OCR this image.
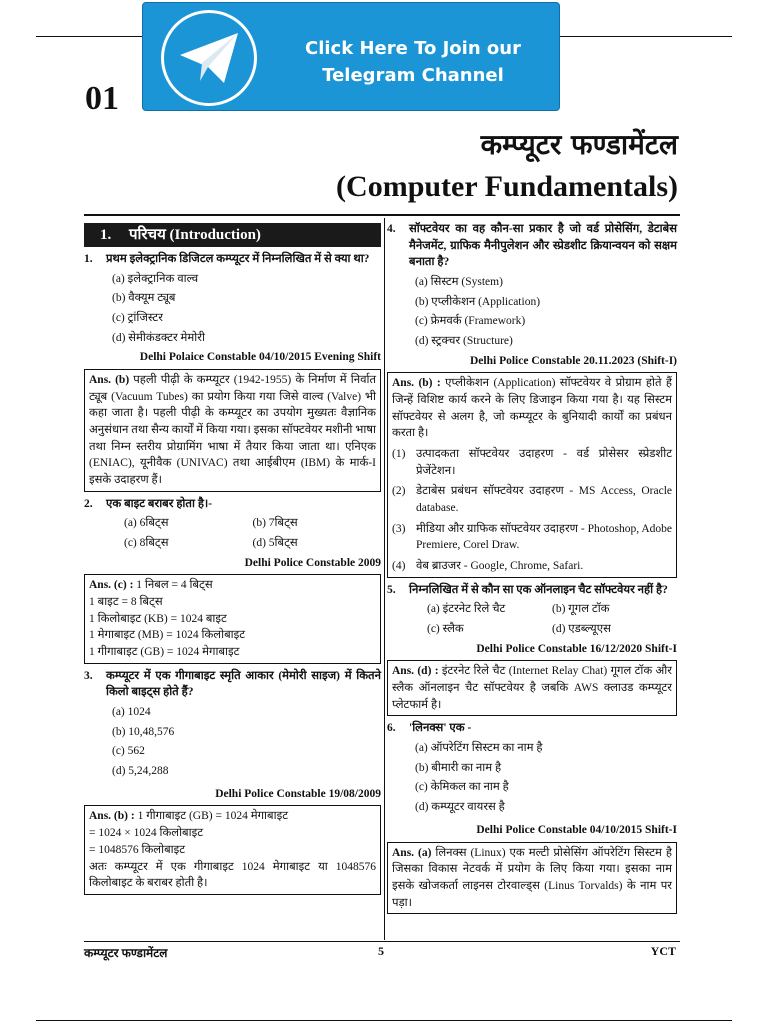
Click Here To Join our
Telegram Channel
01
कम्प्यूटर फण्डामेंटल
(Computer Fundamentals)
1. परिचय (Introduction)
1.	प्रथम इलेक्ट्रानिक डिजिटल कम्प्यूटर में निम्नलिखित में से क्या था?
(a) इलेक्ट्रानिक वाल्व
(b) वैक्यूम ट्यूब
(c) ट्रांजिस्टर
(d) सेमीकंडक्टर मेमोरी
Delhi Polaice Constable 04/10/2015 Evening Shift
Ans. (b) पहली पीढ़ी के कम्प्यूटर (1942-1955) के निर्माण में निर्वात ट्यूब (Vacuum Tubes) का प्रयोग किया गया जिसे वाल्व (Valve) भी कहा जाता है। पहली पीढ़ी के कम्प्यूटर का उपयोग मुख्यतः वैज्ञानिक अनुसंधान तथा सैन्य कार्यों में किया गया। इसका सॉफ्टवेयर मशीनी भाषा तथा निम्न स्तरीय प्रोग्रामिंग भाषा में तैयार किया जाता था। एनिएक (ENIAC), यूनीवैक (UNIVAC) तथा आईबीएम (IBM) के मार्क-I इसके उदाहरण हैं।
2.	एक बाइट बराबर होता है।-
(a) 6बिट्स	(b) 7बिट्स
(c) 8बिट्स	(d) 5बिट्स
Delhi Police Constable 2009
Ans. (c) : 1 निबल = 4 बिट्स
1 बाइट = 8 बिट्स
1 किलोबाइट (KB) = 1024 बाइट
1 मेगाबाइट (MB) = 1024 किलोबाइट
1 गीगाबाइट (GB) = 1024 मेगाबाइट
3.	कम्प्यूटर में एक गीगाबाइट स्मृति आकार (मेमोरी साइज) में कितने किलो बाइट्स होते हैं?
(a) 1024
(b) 10,48,576
(c) 562
(d) 5,24,288
Delhi Police Constable 19/08/2009
Ans. (b) : 1 गीगाबाइट (GB) = 1024 मेगाबाइट
= 1024 × 1024 किलोबाइट
= 1048576 किलोबाइट
अतः कम्प्यूटर में एक गीगाबाइट 1024 मेगाबाइट या 1048576 किलोबाइट के बराबर होती है।
4.	सॉफ्टवेयर का वह कौन-सा प्रकार है जो वर्ड प्रोसेसिंग, डेटाबेस मैनेजमेंट, ग्राफिक मैनीपुलेशन और स्प्रेडशीट क्रियान्वयन को सक्षम बनाता है?
(a) सिस्टम (System)
(b) एप्लीकेशन (Application)
(c) फ्रेमवर्क (Framework)
(d) स्ट्रक्चर (Structure)
Delhi Police Constable 20.11.2023 (Shift-I)
Ans. (b) : एप्लीकेशन (Application) सॉफ्टवेयर वे प्रोग्राम होते हैं जिन्हें विशिष्ट कार्य करने के लिए डिजाइन किया गया है। यह सिस्टम सॉफ्टवेयर से अलग है, जो कम्प्यूटर के बुनियादी कार्यों का प्रबंधन करता है।
(1) उत्पादकता सॉफ्टवेयर उदाहरण - वर्ड प्रोसेसर स्प्रेडशीट प्रेजेंटेशन।
(2) डेटाबेस प्रबंधन सॉफ्टवेयर उदाहरण - MS Access, Oracle database.
(3) मीडिया और ग्राफिक सॉफ्टवेयर उदाहरण - Photoshop, Adobe Premiere, Corel Draw.
(4) वेब ब्राउजर - Google, Chrome, Safari.
5.	निम्नलिखित में से कौन सा एक ऑनलाइन चैट सॉफ्टवेयर नहीं है?
(a) इंटरनेट रिले चैट	(b) गूगल टॉक
(c) स्लैक	(d) एडब्ल्यूएस
Delhi Police Constable 16/12/2020 Shift-I
Ans. (d) : इंटरनेट रिले चैट (Internet Relay Chat) गूगल टॉक और स्लैक ऑनलाइन चैट सॉफ्टवेयर है जबकि AWS क्लाउड कम्प्यूटर प्लेटफार्म है।
6.	'लिनक्स' एक -
(a) ऑपरेटिंग सिस्टम का नाम है
(b) बीमारी का नाम है
(c) केमिकल का नाम है
(d) कम्प्यूटर वायरस है
Delhi Police Constable 04/10/2015 Shift-I
Ans. (a) लिनक्स (Linux) एक मल्टी प्रोसेसिंग ऑपरेटिंग सिस्टम है जिसका विकास नेटवर्क में प्रयोग के लिए किया गया। इसका नाम इसके खोजकर्ता लाइनस टोरवाल्ड्स (Linus Torvalds) के नाम पर पड़ा।
कम्प्यूटर फण्डामेंटल	5	YCT
